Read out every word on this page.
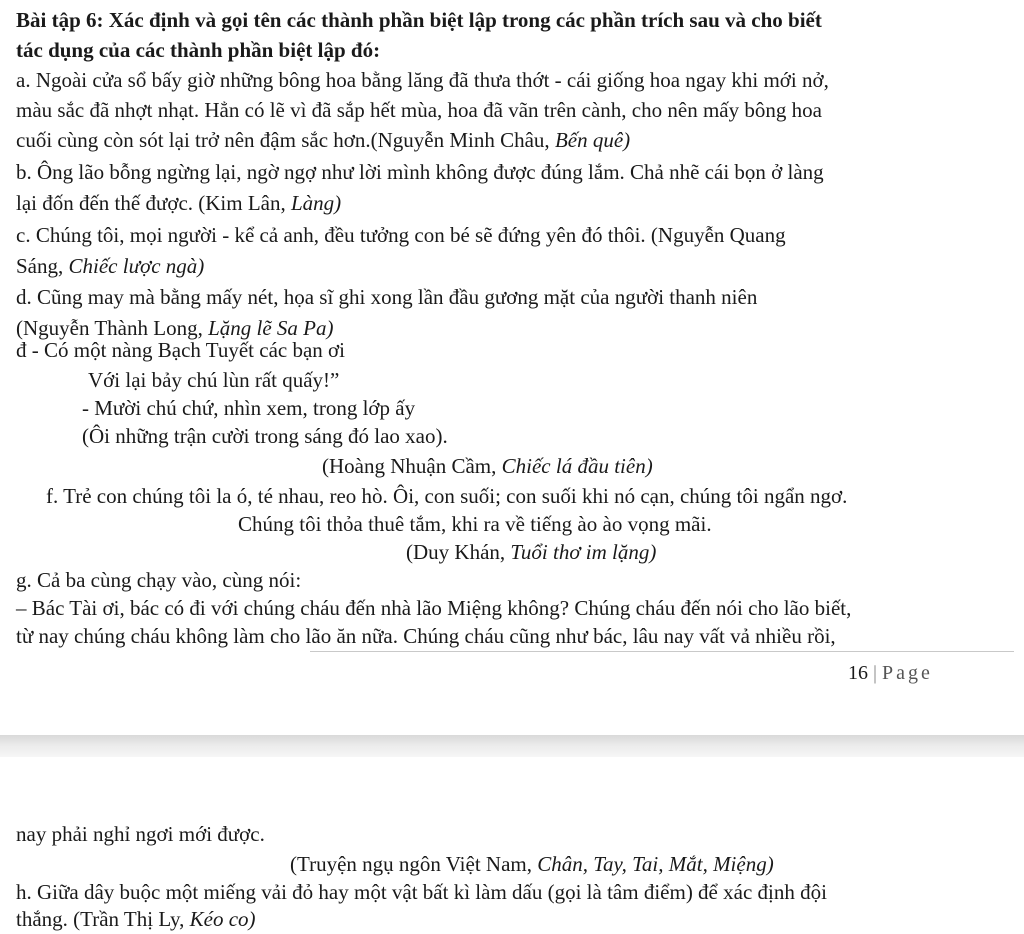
Bài tập 6: Xác định và gọi tên các thành phần biệt lập trong các phần trích sau và cho biết
tác dụng của các thành phần biệt lập đó:
a. Ngoài cửa sổ bấy giờ những bông hoa bằng lăng đã thưa thớt - cái giống hoa ngay khi mới nở,
màu sắc đã nhợt nhạt. Hẳn có lẽ vì đã sắp hết mùa, hoa đã vãn trên cành, cho nên mấy bông hoa
cuối cùng còn sót lại trở nên đậm sắc hơn.(Nguyễn Minh Châu, Bến quê)
b. Ông lão bỗng ngừng lại, ngờ ngợ như lời mình không được đúng lắm. Chả nhẽ cái bọn ở làng
lại đốn đến thế được. (Kim Lân, Làng)
c. Chúng tôi, mọi người - kể cả anh, đều tưởng con bé sẽ đứng yên đó thôi. (Nguyễn Quang
Sáng, Chiếc lược ngà)
d. Cũng may mà bằng mấy nét, họa sĩ ghi xong lần đầu gương mặt của người thanh niên
(Nguyễn Thành Long, Lặng lẽ Sa Pa)
đ - Có một nàng Bạch Tuyết các bạn ơi
Với lại bảy chú lùn rất quấy!”
- Mười chú chứ, nhìn xem, trong lớp ấy
(Ôi những trận cười trong sáng đó lao xao).
(Hoàng Nhuận Cầm, Chiếc lá đầu tiên)
f. Trẻ con chúng tôi la ó, té nhau, reo hò. Ôi, con suối; con suối khi nó cạn, chúng tôi ngẩn ngơ.
Chúng tôi thỏa thuê tắm, khi ra về tiếng ào ào vọng mãi.
(Duy Khán, Tuổi thơ im lặng)
g. Cả ba cùng chạy vào, cùng nói:
– Bác Tài ơi, bác có đi với chúng cháu đến nhà lão Miệng không? Chúng cháu đến nói cho lão biết,
từ nay chúng cháu không làm cho lão ăn nữa. Chúng cháu cũng như bác, lâu nay vất vả nhiều rồi,
16 | Page
nay phải nghỉ ngơi mới được.
(Truyện ngụ ngôn Việt Nam, Chân, Tay, Tai, Mắt, Miệng)
h. Giữa dây buộc một miếng vải đỏ hay một vật bất kì làm dấu (gọi là tâm điểm) để xác định đội
thắng. (Trần Thị Ly, Kéo co)
